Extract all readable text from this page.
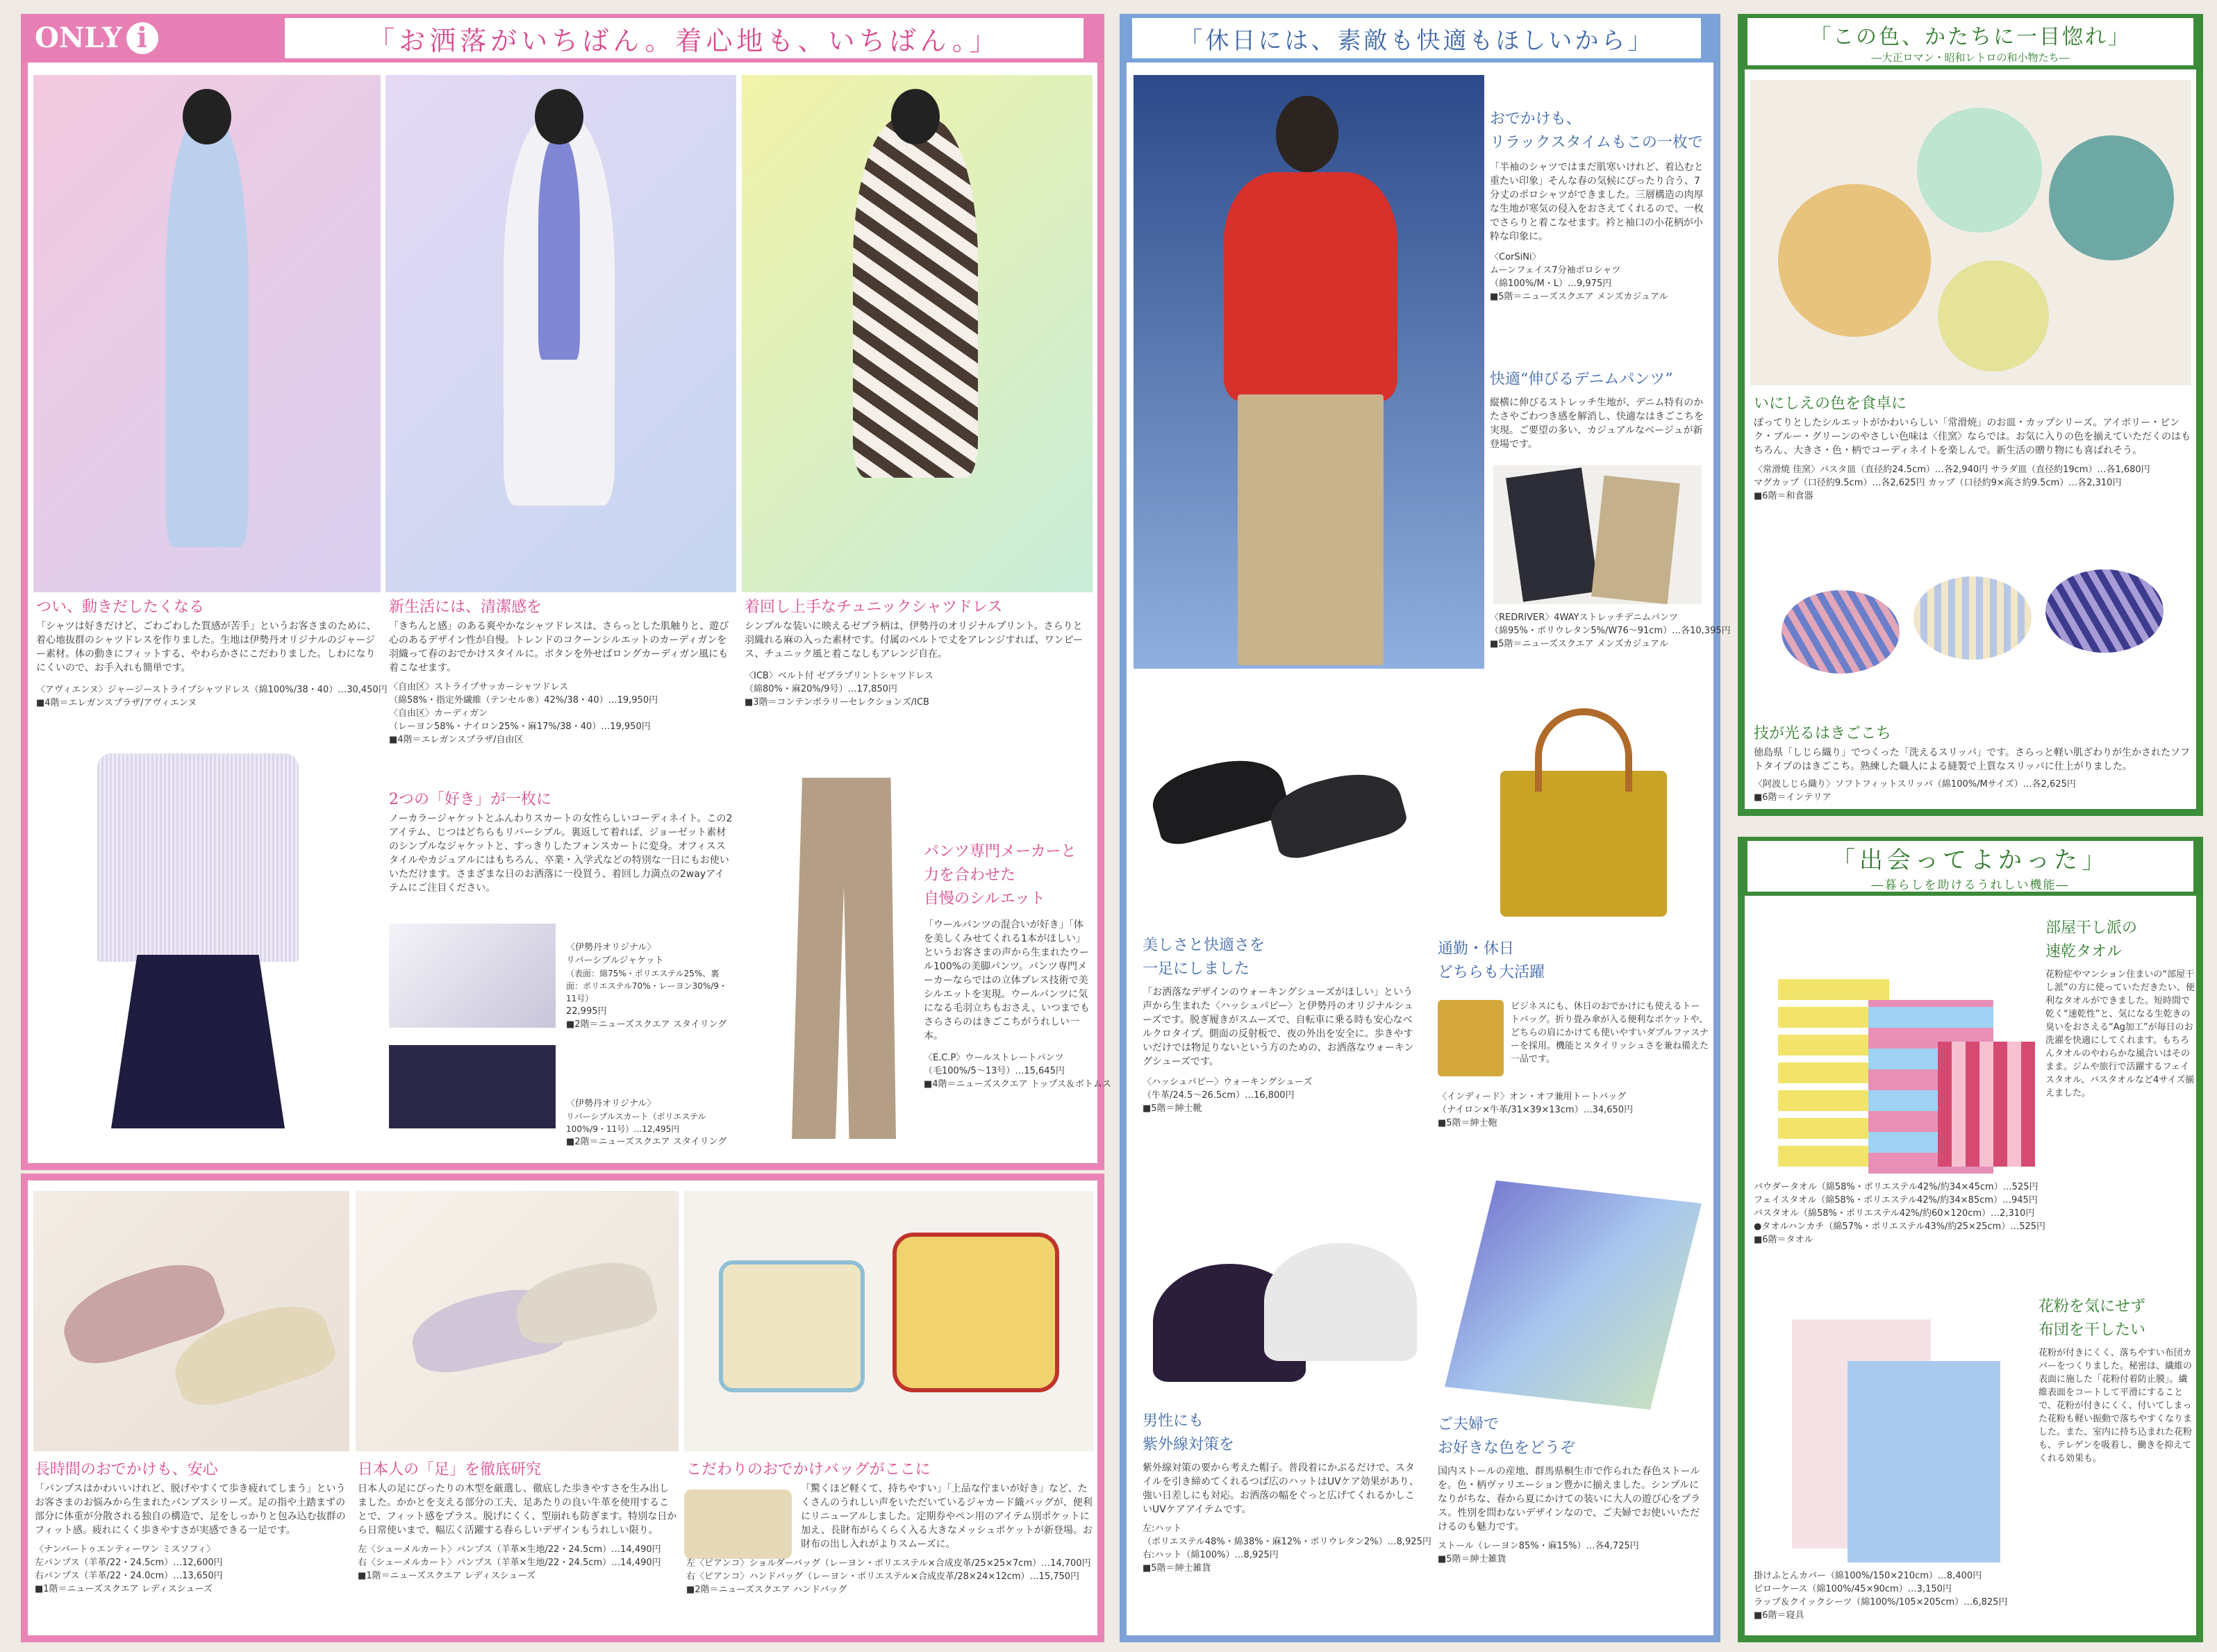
ONLY i	「お洒落がいちばん。着心地も、いちばん。」
つい、動きだしたくなる
「シャツは好きだけど、ごわごわした質感が苦手」というお客さまのために、着心地抜群のシャツドレスを作りました。生地は伊勢丹オリジナルのジャージー素材。体の動きにフィットする、やわらかさにこだわりました。しわになりにくいので、お手入れも簡単です。
〈アヴィエンヌ〉ジャージーストライプシャツドレス（綿100%/38・40）…30,450円
■4階＝エレガンスプラザ/アヴィエンヌ
新生活には、清潔感を
「きちんと感」のある爽やかなシャツドレスは、さらっとした肌触りと、遊び心のあるデザイン性が自慢。トレンドのコクーンシルエットのカーディガンを羽織って春のおでかけスタイルに。ボタンを外せばロングカーディガン風にも着こなせます。
〈自由区〉ストライプサッカーシャツドレス
（綿58%・指定外繊維（テンセル®）42%/38・40）…19,950円
〈自由区〉カーディガン
（レーヨン58%・ナイロン25%・麻17%/38・40）…19,950円
■4階＝エレガンスプラザ/自由区
着回し上手なチュニックシャツドレス
シンプルな装いに映えるゼブラ柄は、伊勢丹のオリジナルプリント。さらりと羽織れる麻の入った素材です。付属のベルトで丈をアレンジすれば、ワンピース、チュニック風と着こなしもアレンジ自在。
〈ICB〉ベルト付 ゼブラプリントシャツドレス
（綿80%・麻20%/9号）…17,850円
■3階＝コンテンポラリーセレクションズ/ICB
2つの「好き」が一枚に
ノーカラージャケットとふんわりスカートの女性らしいコーディネイト。この2アイテム、じつはどちらもリバーシブル。裏返して着れば、ジョーゼット素材のシンプルなジャケットと、すっきりしたフォンスカートに変身。オフィススタイルやカジュアルにはもちろん、卒業・入学式などの特別な一日にもお使いいただけます。さまざまな日のお洒落に一役買う、着回し力満点の2wayアイテムにご注目ください。
〈伊勢丹オリジナル〉
リバーシブルジャケット
（表面：綿75%・ポリエステル25%、裏面：ポリエステル70%・レーヨン30%/9・11号）
22,995円
■2階＝ニューズスクエア スタイリング
〈伊勢丹オリジナル〉
リバーシブルスカート（ポリエステル100%/9・11号）…12,495円
■2階＝ニューズスクエア スタイリング
パンツ専門メーカーと
力を合わせた
自慢のシルエット
「ウールパンツの混合いが好き」「体を美しくみせてくれる1本がほしい」というお客さまの声から生まれたウール100%の美脚パンツ。パンツ専門メーカーならではの立体プレス技術で美シルエットを実現。ウールパンツに気になる毛羽立ちもおさえ、いつまでもさらさらのはきごこちがうれしい一本。
〈E.C.P〉ウールストレートパンツ
（毛100%/5〜13号）…15,645円
■4階＝ニューズスクエア トップス＆ボトムス
長時間のおでかけも、安心
「パンプスはかわいいけれど、脱げやすくて歩き疲れてしまう」というお客さまのお悩みから生まれたパンプスシリーズ。足の指や土踏まずの部分に体重が分散される独自の構造で、足をしっかりと包み込む抜群のフィット感。疲れにくく歩きやすさが実感できる一足です。
〈ナンバートゥエンティーワン ミスソフィ〉
左パンプス（羊革/22・24.5cm）…12,600円
右パンプス（羊革/22・24.0cm）…13,650円
■1階＝ニューズスクエア レディスシューズ
日本人の「足」を徹底研究
日本人の足にぴったりの木型を厳選し、徹底した歩きやすさを生み出しました。かかとを支える部分の工夫、足あたりの良い牛革を使用することで、フィット感をプラス。脱げにくく、型崩れも防ぎます。特別な日から日常使いまで、幅広く活躍する春らしいデザインもうれしい限り。
左〈シューメルカート〉パンプス（羊革×生地/22・24.5cm）…14,490円
右〈シューメルカート〉パンプス（羊革×生地/22・24.5cm）…14,490円
■1階＝ニューズスクエア レディスシューズ
こだわりのおでかけバッグがここに
「驚くほど軽くて、持ちやすい」「上品な佇まいが好き」など、たくさんのうれしい声をいただいているジャカード織バッグが、便利にリニューアルしました。定期券やペン用のアイテム別ポケットに加え、長財布がらくらく入る大きなメッシュポケットが新登場。お財布の出し入れがよりスムーズに。
左〈ピアンコ〉ショルダーバッグ（レーヨン・ポリエステル×合成皮革/25×25×7cm）…14,700円
右〈ピアンコ〉ハンドバッグ（レーヨン・ポリエステル×合成皮革/28×24×12cm）…15,750円
■2階＝ニューズスクエア ハンドバッグ
「休日には、素敵も快適もほしいから」
おでかけも、
リラックスタイムもこの一枚で
「半袖のシャツではまだ肌寒いけれど、着込むと重たい印象」そんな春の気候にぴったり合う、7分丈のポロシャツができました。三層構造の肉厚な生地が寒気の侵入をおさえてくれるので、一枚でさらりと着こなせます。衿と袖口の小花柄が小粋な印象に。
〈CorSiNi〉
ムーンフェイス7分袖ポロシャツ
（綿100%/M・L）…9,975円
■5階＝ニューズスクエア メンズカジュアル
快適“伸びるデニムパンツ”
縦横に伸びるストレッチ生地が、デニム特有のかたさやごわつき感を解消し、快適なはきごこちを実現。ご要望の多い、カジュアルなベージュが新登場です。
〈REDRIVER〉4WAYストレッチデニムパンツ
（綿95%・ポリウレタン5%/W76〜91cm）…各10,395円
■5階＝ニューズスクエア メンズカジュアル
美しさと快適さを
一足にしました
「お洒落なデザインのウォーキングシューズがほしい」という声から生まれた〈ハッシュパピー〉と伊勢丹のオリジナルシューズです。脱ぎ履きがスムーズで、自転車に乗る時も安心なベルクロタイプ。側面の反射板で、夜の外出を安全に。歩きやすいだけでは物足りないという方のための、お洒落なウォーキングシューズです。
〈ハッシュパピー〉ウォーキングシューズ
（牛革/24.5〜26.5cm）…16,800円
■5階＝紳士靴
通勤・休日
どちらも大活躍
ビジネスにも、休日のおでかけにも使えるトートバッグ。折り畳み傘が入る便利なポケットや、どちらの肩にかけても使いやすいダブルファスナーを採用。機能とスタイリッシュさを兼ね備えた一品です。
〈インディード〉オン・オフ兼用トートバッグ
（ナイロン×牛革/31×39×13cm）…34,650円
■5階＝紳士鞄
男性にも
紫外線対策を
紫外線対策の要から考えた帽子。普段着にかぶるだけで、スタイルを引き締めてくれるつば広のハットはUVケア効果があり、強い日差しにも対応。お洒落の幅をぐっと広げてくれるかしこいUVケアアイテムです。
左:ハット
（ポリエステル48%・綿38%・麻12%・ポリウレタン2%）…8,925円
右:ハット（綿100%）…8,925円
■5階＝紳士雑貨
ご夫婦で
お好きな色をどうぞ
国内ストールの産地、群馬県桐生市で作られた春色ストールを。色・柄ヴァリエーション豊かに揃えました。シンプルになりがちな、春から夏にかけての装いに大人の遊び心をプラス。性別を問わないデザインなので、ご夫婦でお使いいただけるのも魅力です。
ストール（レーヨン85%・麻15%）…各4,725円
■5階＝紳士雑貨
「この色、かたちに一目惚れ」
―大正ロマン・昭和レトロの和小物たち―
いにしえの色を食卓に
ぽってりとしたシルエットがかわいらしい「常滑焼」のお皿・カップシリーズ。アイボリー・ピンク・ブルー・グリーンのやさしい色味は〈佳窯〉ならでは。お気に入りの色を揃えていただくのはもちろん、大きさ・色・柄でコーディネイトを楽しんで。新生活の贈り物にも喜ばれそう。
〈常滑焼 佳窯〉パスタ皿（直径約24.5cm）…各2,940円 サラダ皿（直径約19cm）…各1,680円
マグカップ（口径約9.5cm）…各2,625円 カップ（口径約9×高さ約9.5cm）…各2,310円
■6階＝和食器
技が光るはきごこち
徳島県「しじら織り」でつくった「洗えるスリッパ」です。さらっと軽い肌ざわりが生かされたソフトタイプのはきごこち。熟練した職人による縫製で上質なスリッパに仕上がりました。
〈阿波しじら織り〉ソフトフィットスリッパ（綿100%/Mサイズ）…各2,625円
■6階＝インテリア
「出会ってよかった」
―暮らしを助けるうれしい機能―
部屋干し派の
速乾タオル
花粉症やマンション住まいの“部屋干し派”の方に使っていただきたい、便利なタオルができました。短時間で乾く“速乾性”と、気になる生乾きの臭いをおさえる“Ag加工”が毎日のお洗濯を快適にしてくれます。もちろんタオルのやわらかな風合いはそのまま。ジムや旅行で活躍するフェイスタオル、バスタオルなど4サイズ揃えました。
バウダータオル（綿58%・ポリエステル42%/約34×45cm）…525円
フェイスタオル（綿58%・ポリエステル42%/約34×85cm）…945円
バスタオル（綿58%・ポリエステル42%/約60×120cm）…2,310円
●タオルハンカチ（綿57%・ポリエステル43%/約25×25cm）…525円
■6階＝タオル
花粉を気にせず
布団を干したい
花粉が付きにくく、落ちやすい布団カバーをつくりました。秘密は、繊維の表面に施した「花粉付着防止膜」。繊維表面をコートして平滑にすることで、花粉が付きにくく、付いてしまった花粉も軽い振動で落ちやすくなりました。また、室内に持ち込まれた花粉も、テレゲンを吸着し、働きを抑えてくれる効果も。
掛けふとんカバー（綿100%/150×210cm）…8,400円
ピローケース（綿100%/45×90cm）…3,150円
ラップ＆クイックシーツ（綿100%/105×205cm）…6,825円
■6階＝寝具
